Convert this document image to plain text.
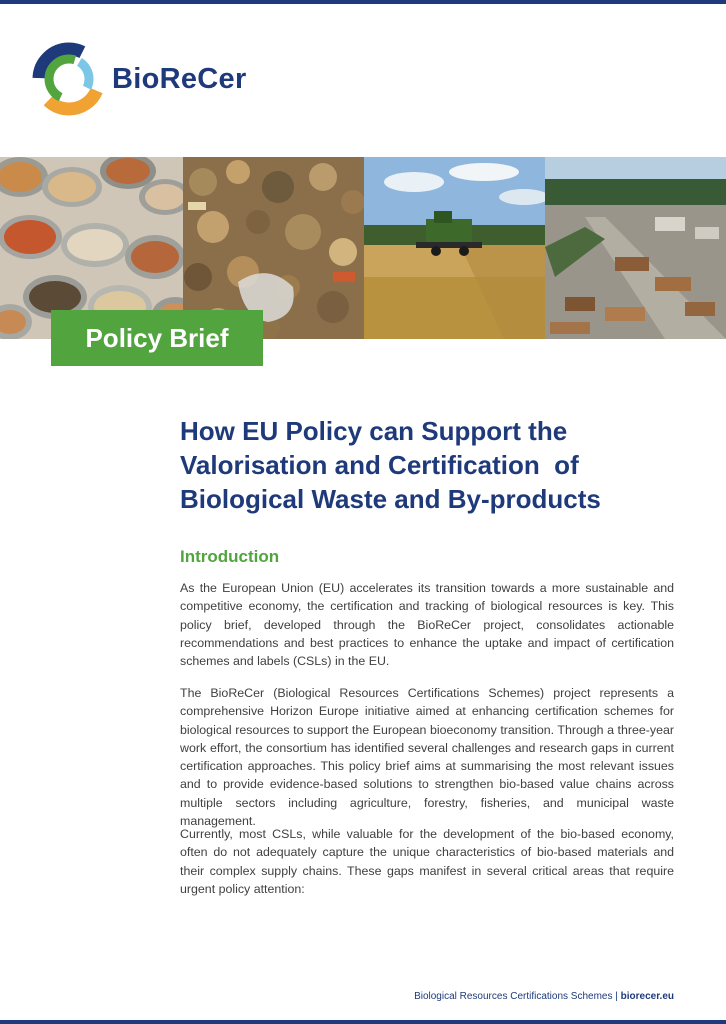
BioReCer
Policy Brief
How EU Policy can Support the
Valorisation and Certification  of
Biological Waste and By-products
Introduction

As the European Union (EU) accelerates its transition towards a more sustainable and competitive economy, the certification and tracking of biological resources is key. This policy brief, developed through the BioReCer project, consolidates actionable recommendations and best practices to enhance the uptake and impact of certification schemes and labels (CSLs) in the EU.

The BioReCer (Biological Resources Certifications Schemes) project represents a comprehensive Horizon Europe initiative aimed at enhancing certification schemes for biological resources to support the European bioeconomy transition. Through a three-year work effort, the consortium has identified several challenges and research gaps in current certification approaches. This policy brief aims at summarising the most relevant issues and to provide evidence-based solutions to strengthen bio-based value chains across multiple sectors including agriculture, forestry, fisheries, and municipal waste management.

Currently, most CSLs, while valuable for the development of the bio-based economy, often do not adequately capture the unique characteristics of bio-based materials and their complex supply chains. These gaps manifest in several critical areas that require urgent policy attention:

Biological Resources Certifications Schemes | biorecer.eu
